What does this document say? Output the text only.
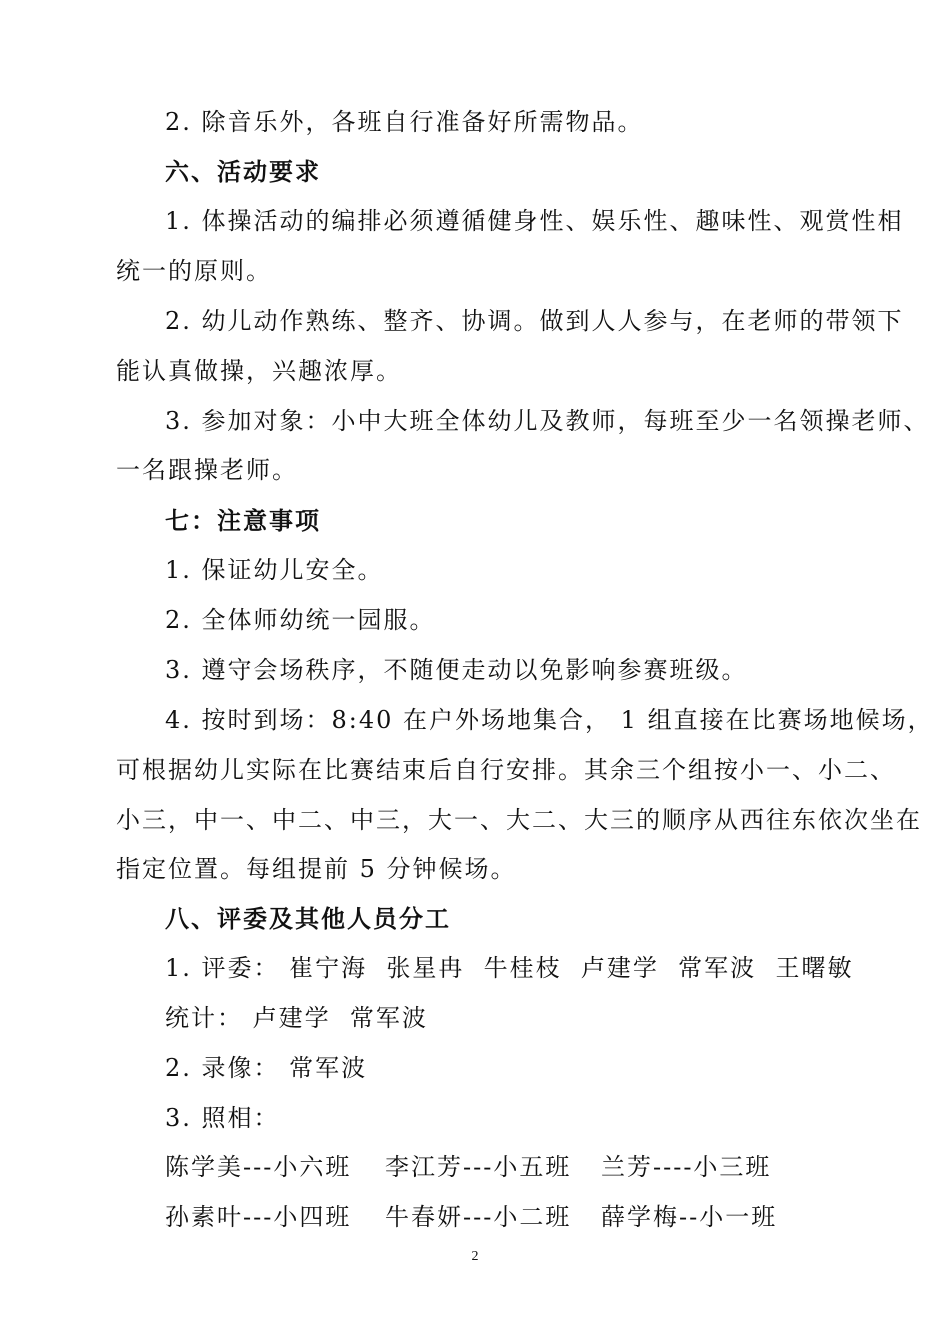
2. 除音乐外，各班自行准备好所需物品。
六、活动要求
1. 体操活动的编排必须遵循健身性、娱乐性、趣味性、观赏性相
统一的原则。
2. 幼儿动作熟练、整齐、协调。做到人人参与，在老师的带领下
能认真做操，兴趣浓厚。
3. 参加对象：小中大班全体幼儿及教师，每班至少一名领操老师、
一名跟操老师。
七：注意事项
1. 保证幼儿安全。
2. 全体师幼统一园服。
3. 遵守会场秩序，不随便走动以免影响参赛班级。
4. 按时到场：8:40 在户外场地集合， 1 组直接在比赛场地候场，
可根据幼儿实际在比赛结束后自行安排。其余三个组按小一、小二、
小三，中一、中二、中三，大一、大二、大三的顺序从西往东依次坐在
指定位置。每组提前 5 分钟候场。
八、评委及其他人员分工
1. 评委： 崔宁海  张星冉  牛桂枝  卢建学  常军波  王曙敏
统计： 卢建学  常军波
2. 录像： 常军波
3. 照相：
陈学美---小六班	李江芳---小五班	兰芳----小三班
孙素叶---小四班	牛春妍---小二班	薛学梅--小一班
2
